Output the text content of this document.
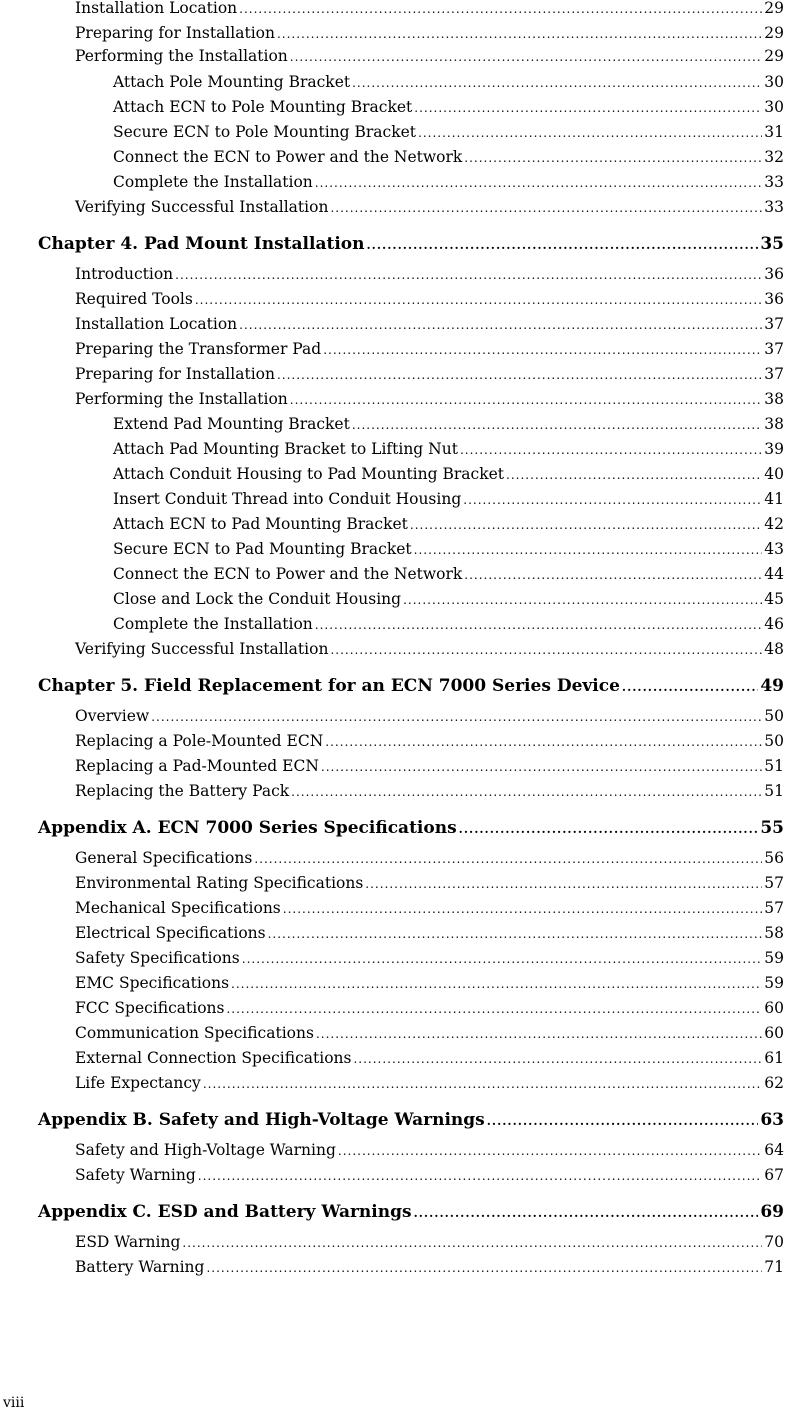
Installation Location .....	29
Preparing for Installation .....	29
Performing the Installation .....	29
Attach Pole Mounting Bracket .....	30
Attach ECN to Pole Mounting Bracket .....	30
Secure ECN to Pole Mounting Bracket .....	31
Connect the ECN to Power and the Network .....	32
Complete the Installation .....	33
Verifying Successful Installation .....	33
Chapter 4. Pad Mount Installation .....	35
Introduction .....	36
Required Tools .....	36
Installation Location .....	37
Preparing the Transformer Pad .....	37
Preparing for Installation .....	37
Performing the Installation .....	38
Extend Pad Mounting Bracket .....	38
Attach Pad Mounting Bracket to Lifting Nut .....	39
Attach Conduit Housing to Pad Mounting Bracket .....	40
Insert Conduit Thread into Conduit Housing .....	41
Attach ECN to Pad Mounting Bracket .....	42
Secure ECN to Pad Mounting Bracket .....	43
Connect the ECN to Power and the Network .....	44
Close and Lock the Conduit Housing .....	45
Complete the Installation .....	46
Verifying Successful Installation .....	48
Chapter 5. Field Replacement for an ECN 7000 Series Device .....	49
Overview .....	50
Replacing a Pole-Mounted ECN .....	50
Replacing a Pad-Mounted ECN .....	51
Replacing the Battery Pack .....	51
Appendix A. ECN 7000 Series Specifications .....	55
General Specifications .....	56
Environmental Rating Specifications .....	57
Mechanical Specifications .....	57
Electrical Specifications .....	58
Safety Specifications .....	59
EMC Specifications .....	59
FCC Specifications .....	60
Communication Specifications .....	60
External Connection Specifications .....	61
Life Expectancy .....	62
Appendix B. Safety and High-Voltage Warnings .....	63
Safety and High-Voltage Warning .....	64
Safety Warning .....	67
Appendix C. ESD and Battery Warnings .....	69
ESD Warning .....	70
Battery Warning .....	71
viii
